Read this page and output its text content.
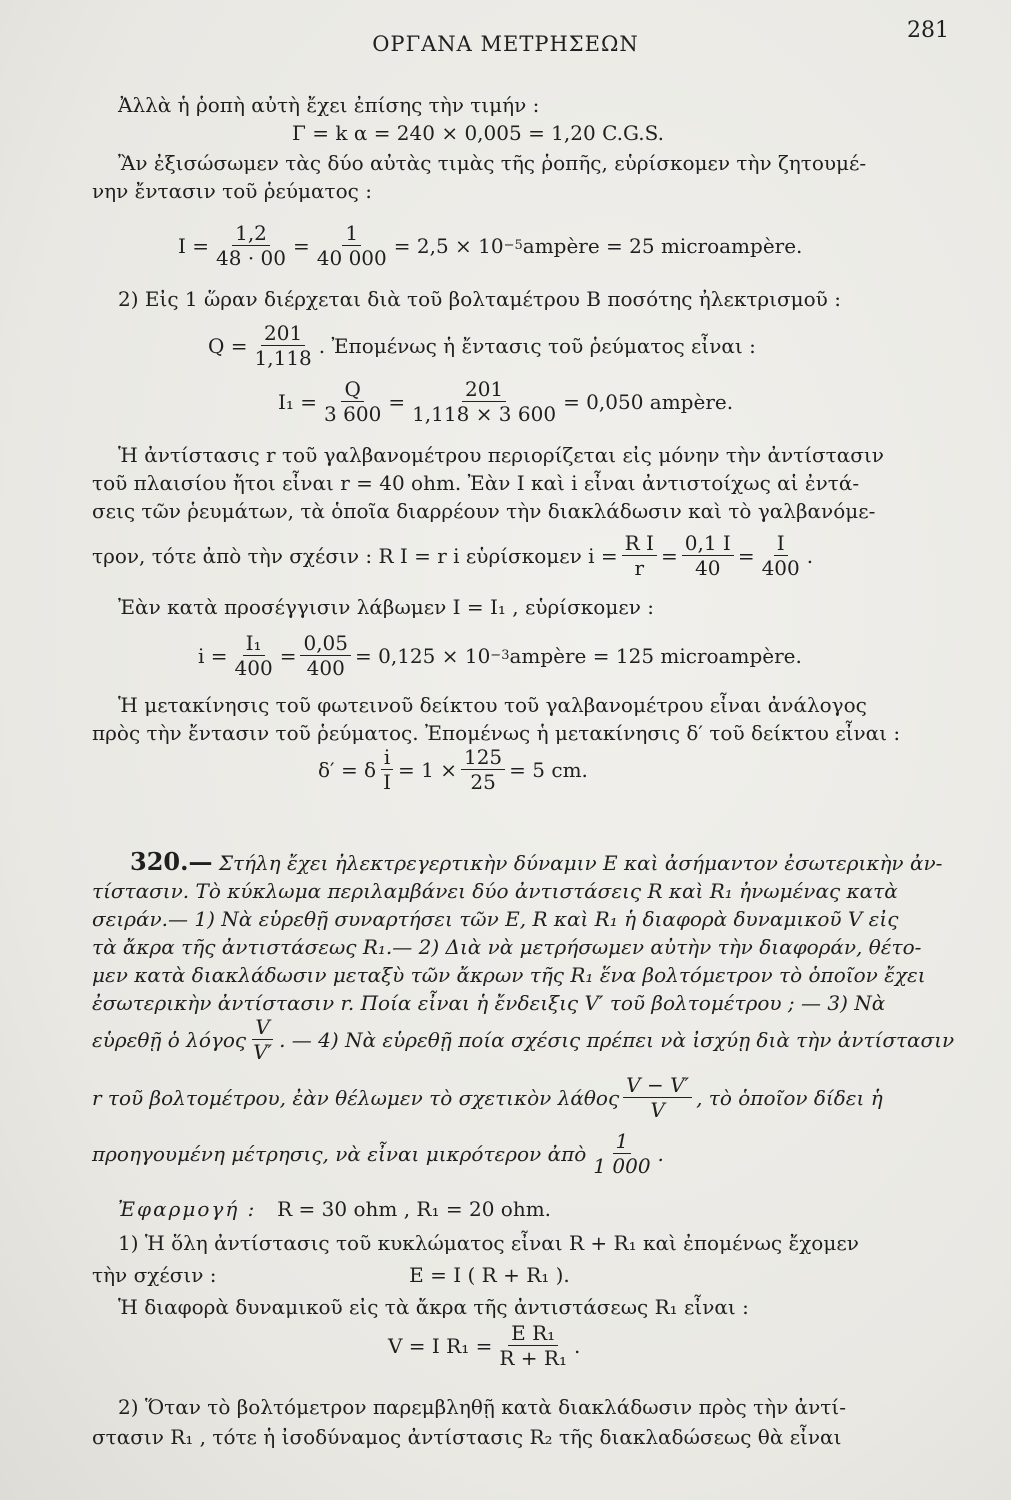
281
ΟΡΓΑΝΑ ΜΕΤΡΗΣΕΩΝ
Ἀλλὰ ἡ ῥοπὴ αὐτὴ ἔχει ἐπίσης τὴν τιμήν :
Γ = k α = 240 × 0,005 = 1,20 C.G.S.
Ἂν ἐξισώσωμεν τὰς δύο αὐτὰς τιμὰς τῆς ῥοπῆς, εὑρίσκομεν τὴν ζητουμέ-
νην ἔντασιν τοῦ ῥεύματος :
$I = \frac{1,2}{48 \cdot 00} = \frac{1}{40 000} = 2,5 \times 10 -5$ ampère = 25 microampère.
2) Εἰς 1 ὥραν διέρχεται διὰ τοῦ βολταμέτρου B ποσότης ἠλεκτρισμοῦ :
$Q = \frac{201}{1,118}$ . Ἐπομένως ἡ ἔντασις τοῦ ῥεύματος εἶναι :
$I_1 = \frac{Q}{3 600} = \frac{201}{1,118 \times 3 600} = 0,050$ ampère.
Ἡ ἀντίστασις r τοῦ γαλβανομέτρου περιορίζεται εἰς μόνην τὴν ἀντίστασιν
τοῦ πλαισίου ἤτοι εἶναι r = 40 ohm. Ἐὰν I καὶ i εἶναι ἀντιστοίχως αἱ ἐντά-
σεις τῶν ῥευμάτων, τὰ ὁποῖα διαρρέουν τὴν διακλάδωσιν καὶ τὸ γαλβανόμε-
τρον, τότε ἀπὸ τὴν σχέσιν : R I = r i εὑρίσκομεν $i = \frac{\text{R I}}{r} = \frac{0,1 I}{40} = \frac{I}{400}$ .
Ἐὰν κατὰ προσέγγισιν λάβωμεν I = I₁ , εὑρίσκομεν :
$i = \frac{\text{I₁}}{400} = \frac{0,05}{400} = 0,125 \times 10 -3$ ampère = 125 microampère.
Ἡ μετακίνησις τοῦ φωτεινοῦ δείκτου τοῦ γαλβανομέτρου εἶναι ἀνάλογος
πρὸς τὴν ἔντασιν τοῦ ῥεύματος. Ἐπομένως ἡ μετακίνησις δ′ τοῦ δείκτου εἶναι :
δ′ = δ $\frac{i}{I} = 1 \times \frac{125}{25} = 5$ cm.
320.— Στήλη ἔχει ἠλεκτρεγερτικὴν δύναμιν E καὶ ἀσήμαντον ἐσωτερικὴν ἀν-
τίστασιν. Τὸ κύκλωμα περιλαμβάνει δύο ἀντιστάσεις R καὶ R₁ ἠνωμένας κατὰ
σειράν.— 1) Νὰ εὑρεθῇ συναρτήσει τῶν E, R καὶ R₁ ἡ διαφορὰ δυναμικοῦ V εἰς
τὰ ἄκρα τῆς ἀντιστάσεως R₁.— 2) Διὰ νὰ μετρήσωμεν αὐτὴν τὴν διαφοράν, θέτο-
μεν κατὰ διακλάδωσιν μεταξὺ τῶν ἄκρων τῆς R₁ ἕνα βολτόμετρον τὸ ὁποῖον ἔχει
ἐσωτερικὴν ἀντίστασιν r. Ποία εἶναι ἡ ἔνδειξις V′ τοῦ βολτομέτρου ; — 3) Νὰ
εὑρεθῇ ὁ λόγος $\frac{V}{V'}$ . — 4) Νὰ εὑρεθῇ ποία σχέσις πρέπει νὰ ἰσχύῃ διὰ τὴν ἀντίστασιν
r τοῦ βολτομέτρου, ἐὰν θέλωμεν τὸ σχετικὸν λάθος $\frac{V - V'}{V}$ , τὸ ὁποῖον δίδει ἡ
προηγουμένη μέτρησις, νὰ εἶναι μικρότερον ἀπὸ $\frac{1}{1 000}$ .
Ἐφαρμογή : R = 30 ohm , R₁ = 20 ohm.
1) Ἡ ὅλη ἀντίστασις τοῦ κυκλώματος εἶναι R + R₁ καὶ ἐπομένως ἔχομεν
τὴν σχέσιν :	E = I ( R + R₁ ).
Ἡ διαφορὰ δυναμικοῦ εἰς τὰ ἄκρα τῆς ἀντιστάσεως R₁ εἶναι :
V = I $R_1 = \frac{\text{E R₁}}{\text{R + R₁}}$ .
2) Ὅταν τὸ βολτόμετρον παρεμβληθῇ κατὰ διακλάδωσιν πρὸς τὴν ἀντί-
στασιν R₁ , τότε ἡ ἰσοδύναμος ἀντίστασις R₂ τῆς διακλαδώσεως θὰ εἶναι
